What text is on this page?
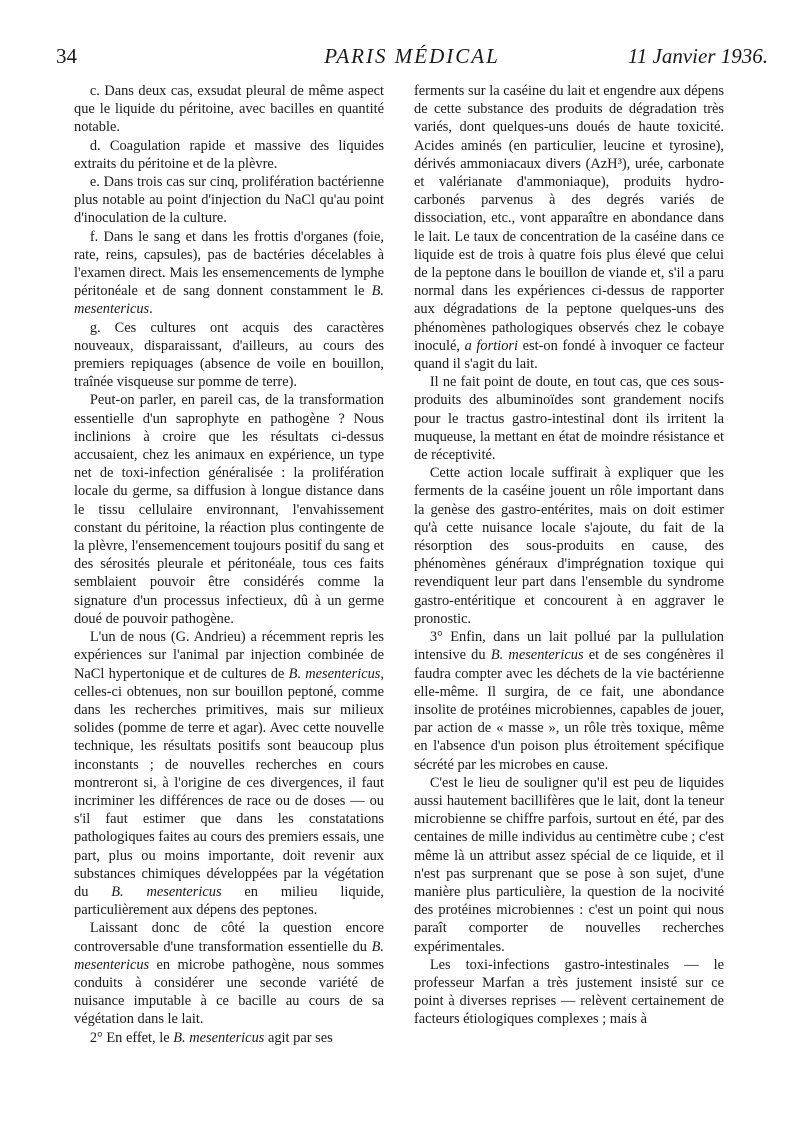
34	PARIS MÉDICAL	11 Janvier 1936.

c. Dans deux cas, exsudat pleural de même aspect que le liquide du péritoine, avec bacilles en quantité notable.

d. Coagulation rapide et massive des liquides extraits du péritoine et de la plèvre.

e. Dans trois cas sur cinq, prolifération bactérienne plus notable au point d'injection du NaCl qu'au point d'inoculation de la culture.

f. Dans le sang et dans les frottis d'organes (foie, rate, reins, capsules), pas de bactéries décelables à l'examen direct. Mais les ensemencements de lymphe péritonéale et de sang donnent constamment le B. mesentericus.

g. Ces cultures ont acquis des caractères nouveaux, disparaissant, d'ailleurs, au cours des premiers repiquages (absence de voile en bouillon, traînée visqueuse sur pomme de terre).

Peut-on parler, en pareil cas, de la transformation essentielle d'un saprophyte en pathogène ? Nous inclinions à croire que les résultats ci-dessus accusaient, chez les animaux en expérience, un type net de toxi-infection généralisée : la prolifération locale du germe, sa diffusion à longue distance dans le tissu cellulaire environnant, l'envahissement constant du péritoine, la réaction plus contingente de la plèvre, l'ensemencement toujours positif du sang et des sérosités pleurale et péritonéale, tous ces faits semblaient pouvoir être considérés comme la signature d'un processus infectieux, dû à un germe doué de pouvoir pathogène.

L'un de nous (G. Andrieu) a récemment repris les expériences sur l'animal par injection combinée de NaCl hypertonique et de cultures de B. mesentericus, celles-ci obtenues, non sur bouillon peptoné, comme dans les recherches primitives, mais sur milieux solides (pomme de terre et agar). Avec cette nouvelle technique, les résultats positifs sont beaucoup plus inconstants ; de nouvelles recherches en cours montreront si, à l'origine de ces divergences, il faut incriminer les différences de race ou de doses — ou s'il faut estimer que dans les constatations pathologiques faites au cours des premiers essais, une part, plus ou moins importante, doit revenir aux substances chimiques développées par la végétation du B. mesentericus en milieu liquide, particulièrement aux dépens des peptones.

Laissant donc de côté la question encore controversable d'une transformation essentielle du B. mesentericus en microbe pathogène, nous sommes conduits à considérer une seconde variété de nuisance imputable à ce bacille au cours de sa végétation dans le lait.

2° En effet, le B. mesentericus agit par ses

ferments sur la caséine du lait et engendre aux dépens de cette substance des produits de dégradation très variés, dont quelques-uns doués de haute toxicité. Acides aminés (en particulier, leucine et tyrosine), dérivés ammoniacaux divers (AzH³), urée, carbonate et valérianate d'ammoniaque), produits hydro-carbonés parvenus à des degrés variés de dissociation, etc., vont apparaître en abondance dans le lait. Le taux de concentration de la caséine dans ce liquide est de trois à quatre fois plus élevé que celui de la peptone dans le bouillon de viande et, s'il a paru normal dans les expériences ci-dessus de rapporter aux dégradations de la peptone quelques-uns des phénomènes pathologiques observés chez le cobaye inoculé, a fortiori est-on fondé à invoquer ce facteur quand il s'agit du lait.

Il ne fait point de doute, en tout cas, que ces sous-produits des albuminoïdes sont grandement nocifs pour le tractus gastro-intestinal dont ils irritent la muqueuse, la mettant en état de moindre résistance et de réceptivité.

Cette action locale suffirait à expliquer que les ferments de la caséine jouent un rôle important dans la genèse des gastro-entérites, mais on doit estimer qu'à cette nuisance locale s'ajoute, du fait de la résorption des sous-produits en cause, des phénomènes généraux d'imprégnation toxique qui revendiquent leur part dans l'ensemble du syndrome gastro-entéritique et concourent à en aggraver le pronostic.

3° Enfin, dans un lait pollué par la pullulation intensive du B. mesentericus et de ses congénères il faudra compter avec les déchets de la vie bactérienne elle-même. Il surgira, de ce fait, une abondance insolite de protéines microbiennes, capables de jouer, par action de « masse », un rôle très toxique, même en l'absence d'un poison plus étroitement spécifique sécrété par les microbes en cause.

C'est le lieu de souligner qu'il est peu de liquides aussi hautement bacillifères que le lait, dont la teneur microbienne se chiffre parfois, surtout en été, par des centaines de mille individus au centimètre cube ; c'est même là un attribut assez spécial de ce liquide, et il n'est pas surprenant que se pose à son sujet, d'une manière plus particulière, la question de la nocivité des protéines microbiennes : c'est un point qui nous paraît comporter de nouvelles recherches expérimentales.

Les toxi-infections gastro-intestinales — le professeur Marfan a très justement insisté sur ce point à diverses reprises — relèvent certainement de facteurs étiologiques complexes ; mais à
